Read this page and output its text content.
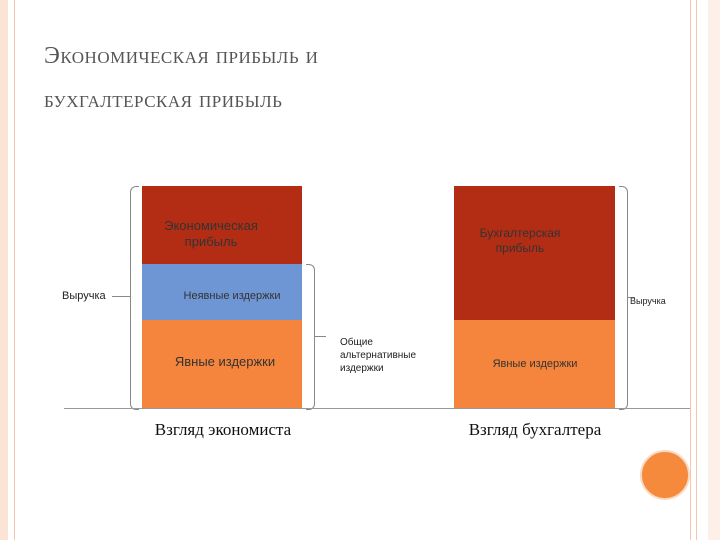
Экономическая прибыль и
бухгалтерская прибыль
Экономическая прибыль
Неявные издержки
Явные издержки
Выручка
Общие альтернативные издержки
Бухгалтерская прибыль
Явные издержки
Выручка
Взгляд экономиста	Взгляд бухгалтера
